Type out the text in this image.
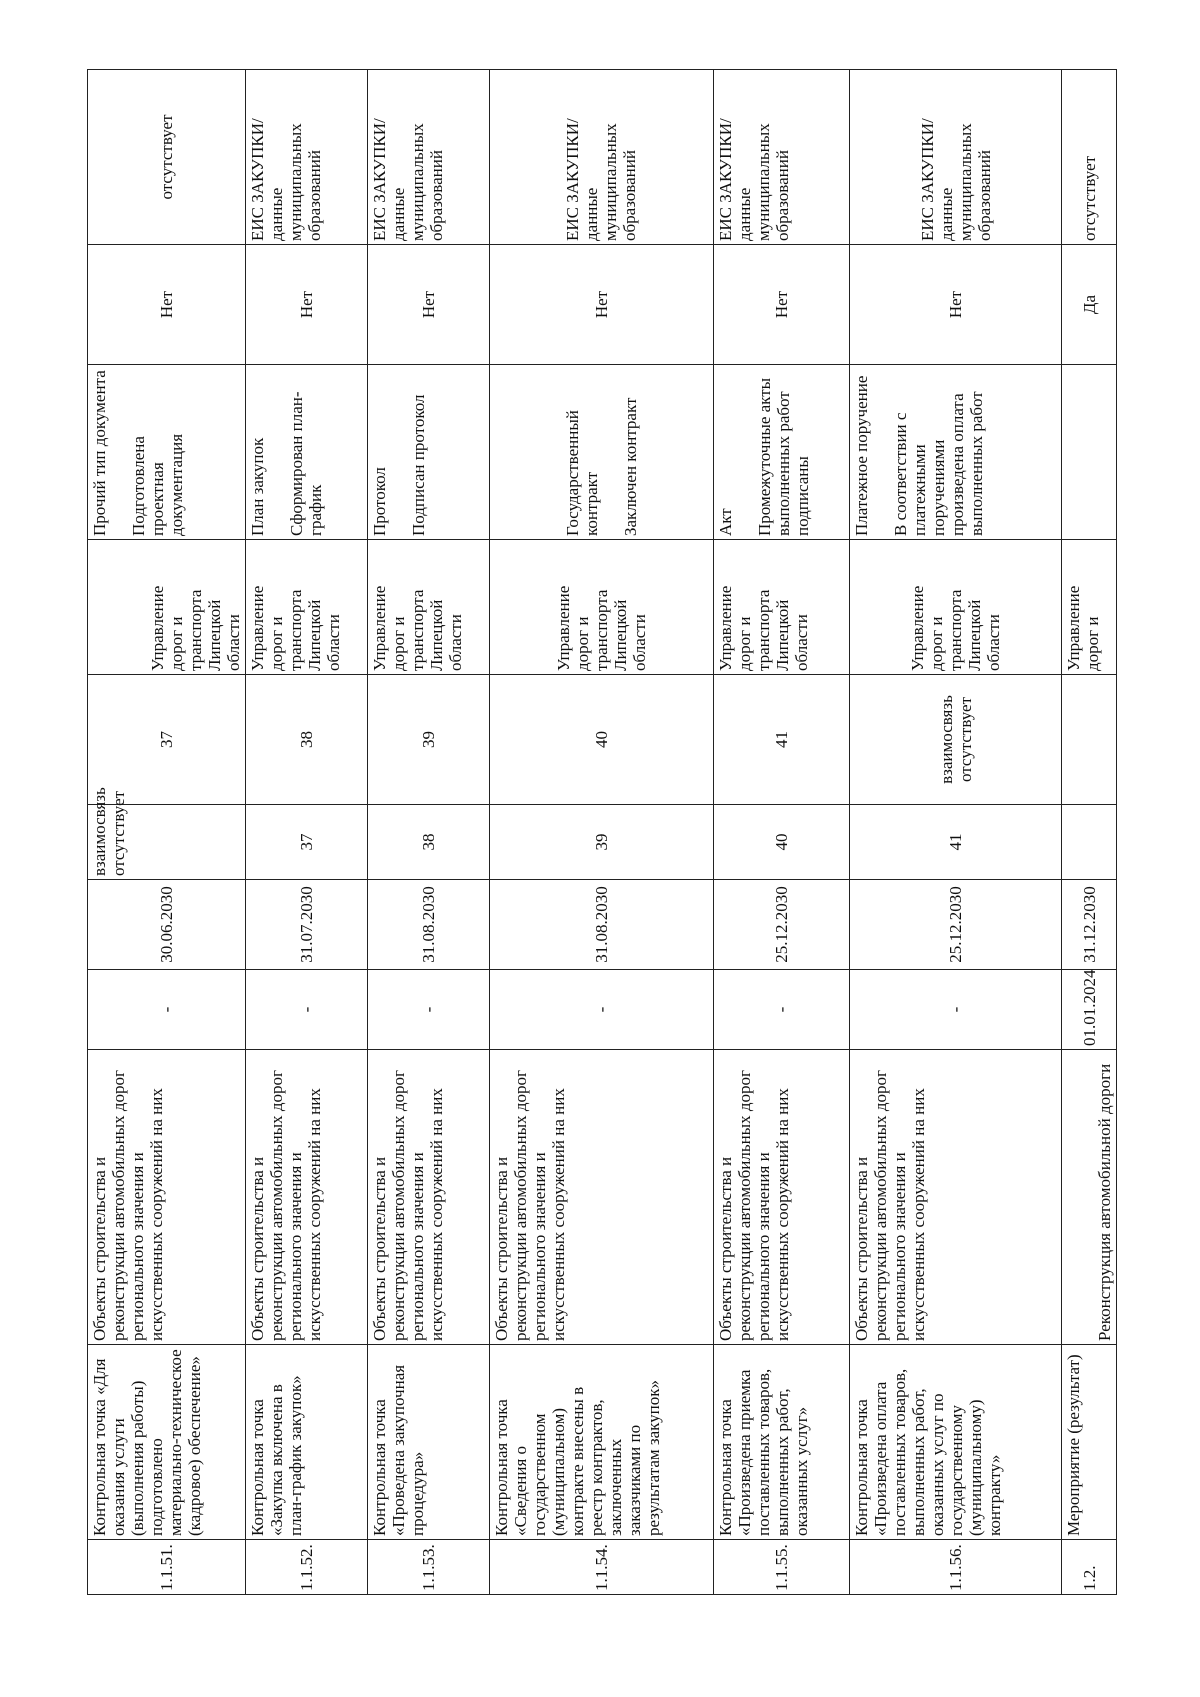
1.1.51.	Контрольная точка «Для оказания услуги (выполнения работы) подготовлено материально-техническое (кадровое) обеспечение»	Объекты строительства и реконструкции автомобильных дорог регионального значения и искусственных сооружений на них	-	30.06.2030	взаимосвязь отсутствует	37	Управление дорог и транспорта Липецкой области	Прочий тип документа Подготовлена проектная документация	Нет	отсутствует
1.1.52.	Контрольная точка «Закупка включена в план-график закупок»	Объекты строительства и реконструкции автомобильных дорог регионального значения и искусственных сооружений на них	-	31.07.2030	37	38	Управление дорог и транспорта Липецкой области	План закупок Сформирован план-график	Нет	ЕИС ЗАКУПКИ/ данные муниципальных образований
1.1.53.	Контрольная точка «Проведена закупочная процедура»	Объекты строительства и реконструкции автомобильных дорог регионального значения и искусственных сооружений на них	-	31.08.2030	38	39	Управление дорог и транспорта Липецкой области	Протокол Подписан протокол	Нет	ЕИС ЗАКУПКИ/ данные муниципальных образований
1.1.54.	Контрольная точка «Сведения о государственном (муниципальном) контракте внесены в реестр контрактов, заключенных заказчиками по результатам закупок»	Объекты строительства и реконструкции автомобильных дорог регионального значения и искусственных сооружений на них	-	31.08.2030	39	40	Управление дорог и транспорта Липецкой области	Государственный контракт Заключен контракт	Нет	ЕИС ЗАКУПКИ/ данные муниципальных образований
1.1.55.	Контрольная точка «Произведена приемка поставленных товаров, выполненных работ, оказанных услуг»	Объекты строительства и реконструкции автомобильных дорог регионального значения и искусственных сооружений на них	-	25.12.2030	40	41	Управление дорог и транспорта Липецкой области	Акт Промежуточные акты выполненных работ подписаны	Нет	ЕИС ЗАКУПКИ/ данные муниципальных образований
1.1.56.	Контрольная точка «Произведена оплата поставленных товаров, выполненных работ, оказанных услуг по государственному (муниципальному) контракту»	Объекты строительства и реконструкции автомобильных дорог регионального значения и искусственных сооружений на них	-	25.12.2030	41	взаимосвязь отсутствует	Управление дорог и транспорта Липецкой области	Платежное поручение В соответствии с платежными поручениями произведена оплата выполненных работ	Нет	ЕИС ЗАКУПКИ/ данные муниципальных образований
1.2.	Мероприятие (результат)	Реконструкция автомобильной дороги	01.01.2024	31.12.2030			Управление дорог и		Да	отсутствует
